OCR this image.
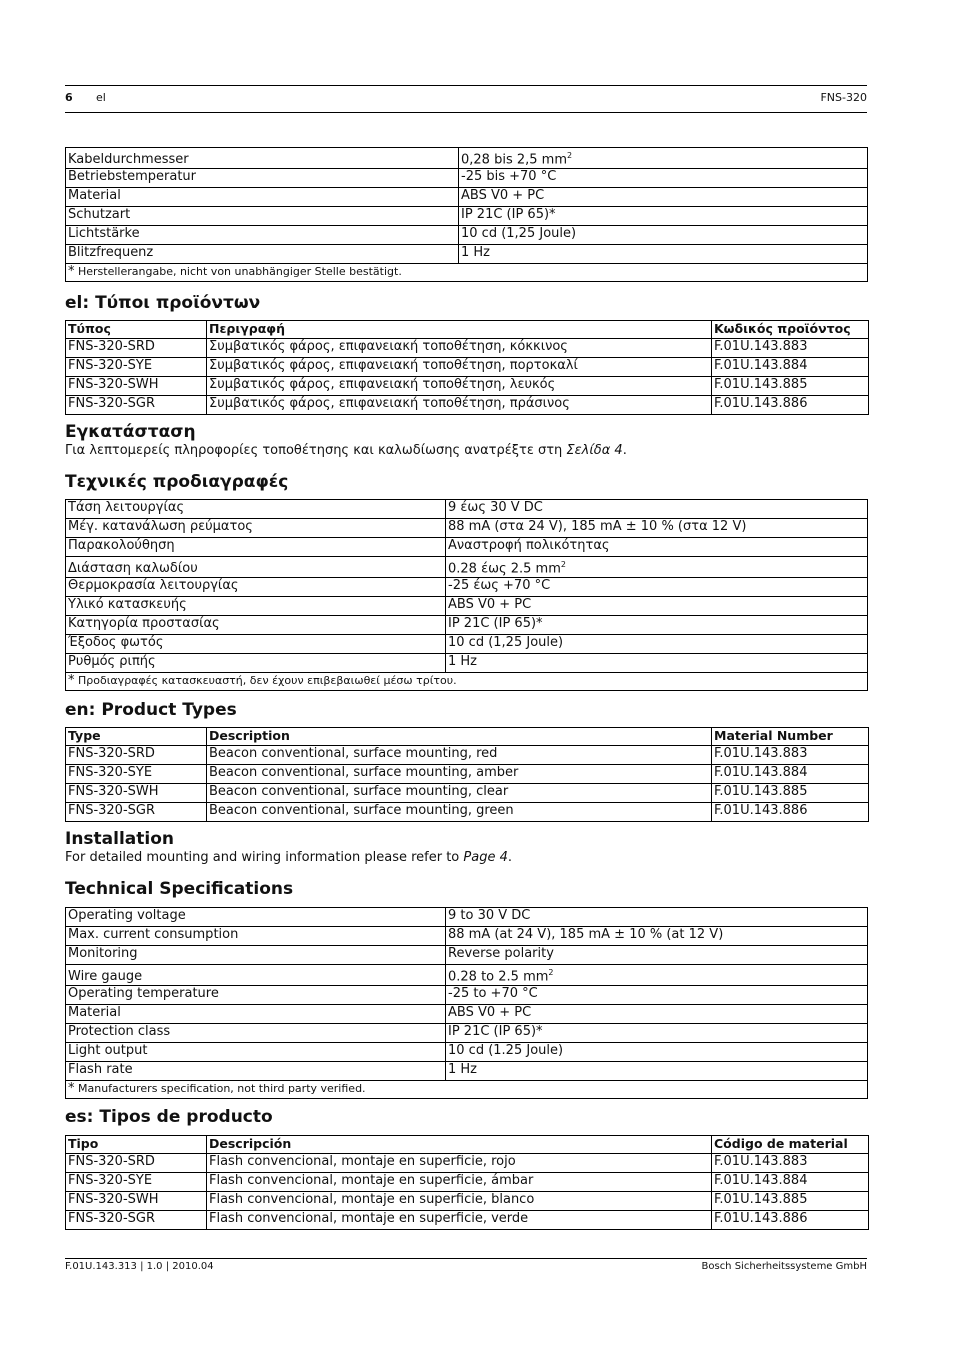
6 el	FNS-320
Kabeldurchmesser	0,28 bis 2,5 $mm^2$
Betriebstemperatur	-25 bis +70 °C
Material	ABS V0 + PC
Schutzart	IP 21C (IP 65)*
Lichtstärke	10 cd (1,25 Joule)
Blitzfrequenz	1 Hz
* Herstellerangabe, nicht von unabhängiger Stelle bestätigt.	
el: Τύποι προϊόντων
Τύπος	Περιγραφή	Κωδικός προϊόντος
FNS-320-SRD	Συμβατικός φάρος, επιφανειακή τοποθέτηση, κόκκινος	F.01U.143.883
FNS-320-SYE	Συμβατικός φάρος, επιφανειακή τοποθέτηση, πορτοκαλί	F.01U.143.884
FNS-320-SWH	Συμβατικός φάρος, επιφανειακή τοποθέτηση, λευκός	F.01U.143.885
FNS-320-SGR	Συμβατικός φάρος, επιφανειακή τοποθέτηση, πράσινος	F.01U.143.886
Εγκατάσταση

Για λεπτομερείς πληροφορίες τοποθέτησης και καλωδίωσης ανατρέξτε στη Σελίδα 4.

Τεχνικές προδιαγραφές
Τάση λειτουργίας	9 έως 30 V DC
Μέγ. κατανάλωση ρεύματος	88 mA (στα 24 V), 185 mA ± 10 % (στα 12 V)
Παρακολούθηση	Αναστροφή πολικότητας
Διάσταση καλωδίου	0.28 έως 2.5 $mm^2$
Θερμοκρασία λειτουργίας	-25 έως +70 °C
Υλικό κατασκευής	ABS V0 + PC
Κατηγορία προστασίας	IP 21C (IP 65)*
Έξοδος φωτός	10 cd (1,25 Joule)
Ρυθμός ριπής	1 Hz
* Προδιαγραφές κατασκευαστή, δεν έχουν επιβεβαιωθεί μέσω τρίτου.	
en: Product Types
Type	Description	Material Number
FNS-320-SRD	Beacon conventional, surface mounting, red	F.01U.143.883
FNS-320-SYE	Beacon conventional, surface mounting, amber	F.01U.143.884
FNS-320-SWH	Beacon conventional, surface mounting, clear	F.01U.143.885
FNS-320-SGR	Beacon conventional, surface mounting, green	F.01U.143.886
Installation

For detailed mounting and wiring information please refer to Page 4.

Technical Specifications
Operating voltage	9 to 30 V DC
Max. current consumption	88 mA (at 24 V), 185 mA ± 10 % (at 12 V)
Monitoring	Reverse polarity
Wire gauge	0.28 to 2.5 $mm^2$
Operating temperature	-25 to +70 °C
Material	ABS V0 + PC
Protection class	IP 21C (IP 65)*
Light output	10 cd (1.25 Joule)
Flash rate	1 Hz
* Manufacturers specification, not third party verified.	
es: Tipos de producto
Tipo	Descripción	Código de material
FNS-320-SRD	Flash convencional, montaje en superficie, rojo	F.01U.143.883
FNS-320-SYE	Flash convencional, montaje en superficie, ámbar	F.01U.143.884
FNS-320-SWH	Flash convencional, montaje en superficie, blanco	F.01U.143.885
FNS-320-SGR	Flash convencional, montaje en superficie, verde	F.01U.143.886
F.01U.143.313 | 1.0 | 2010.04	Bosch Sicherheitssysteme GmbH
